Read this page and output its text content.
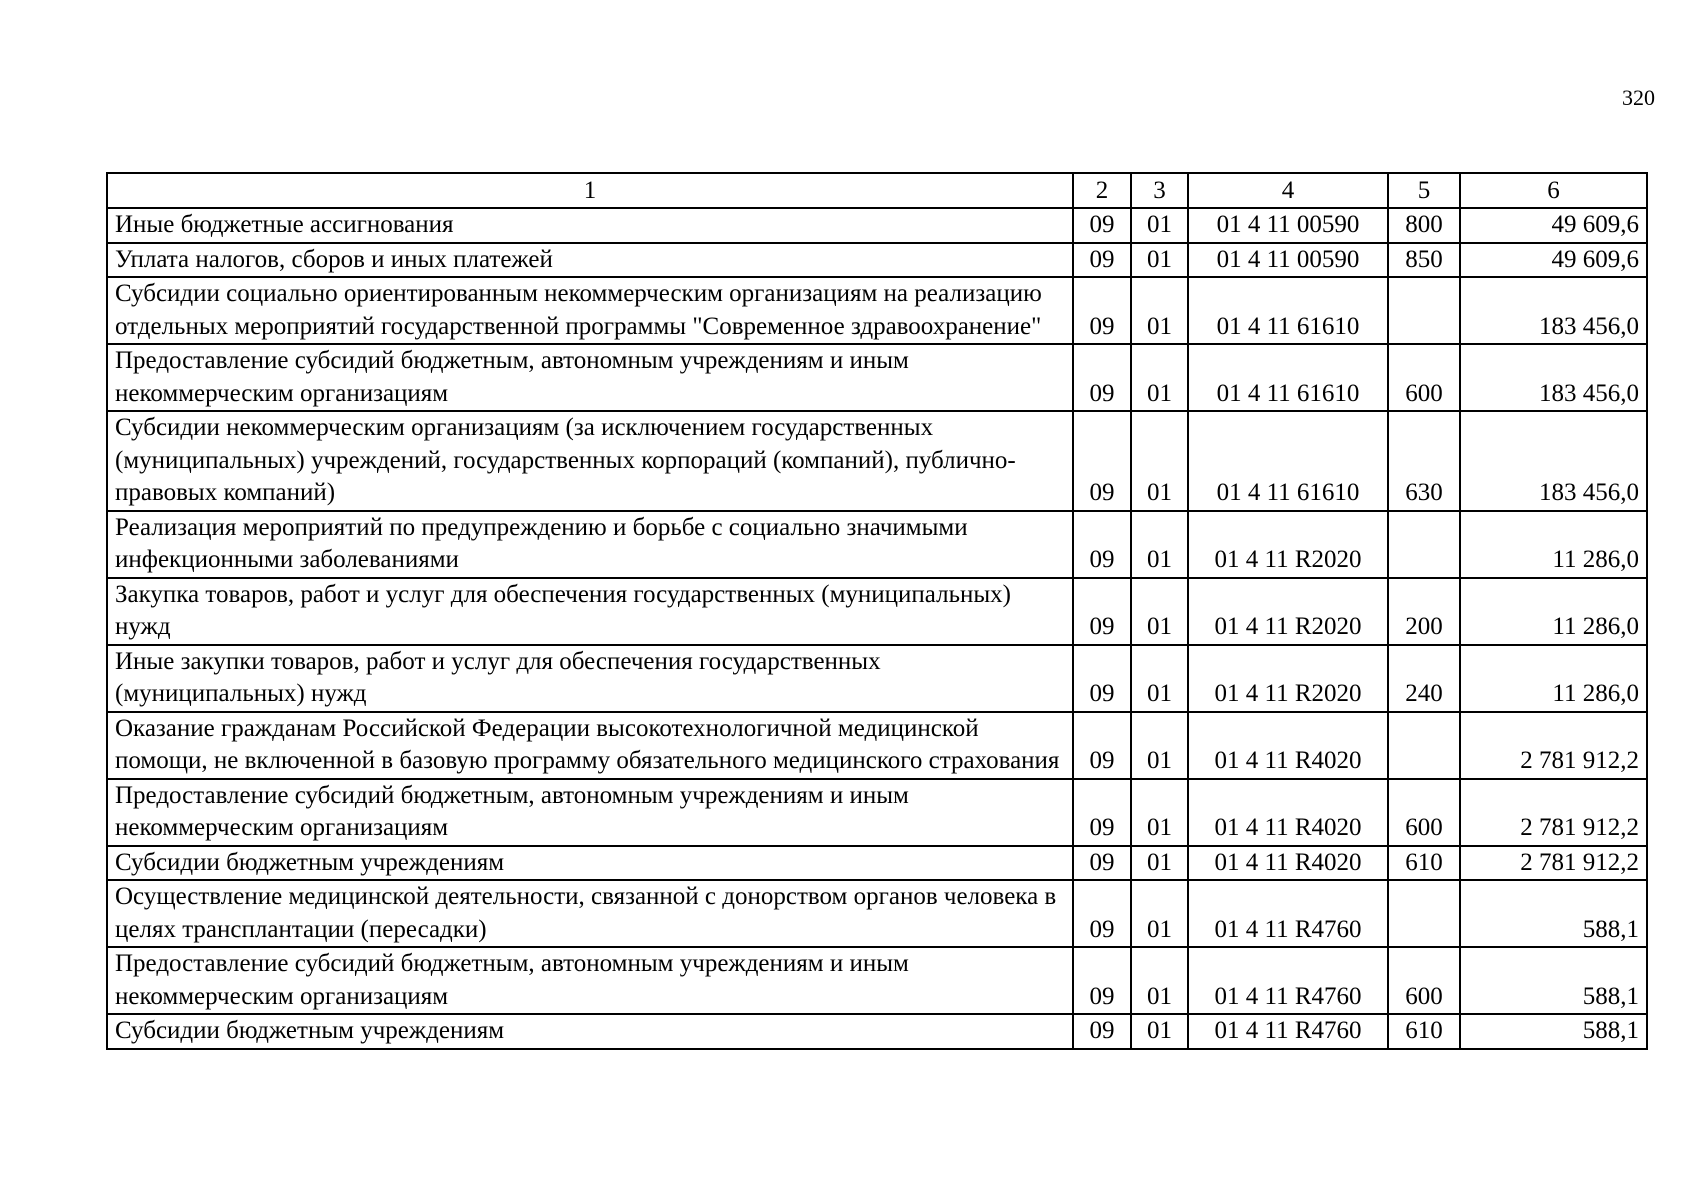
320
1	2	3	4	5	6
Иные бюджетные ассигнования	09	01	01 4 11 00590	800	49 609,6
Уплата налогов, сборов и иных платежей	09	01	01 4 11 00590	850	49 609,6
Субсидии социально ориентированным некоммерческим организациям на реализацию отдельных мероприятий государственной программы "Современное здравоохранение"	09	01	01 4 11 61610		183 456,0
Предоставление субсидий бюджетным, автономным учреждениям и иным некоммерческим организациям	09	01	01 4 11 61610	600	183 456,0
Субсидии некоммерческим организациям (за исключением государственных (муниципальных) учреждений, государственных корпораций (компаний), публично-правовых компаний)	09	01	01 4 11 61610	630	183 456,0
Реализация мероприятий по предупреждению и борьбе с социально значимыми инфекционными заболеваниями	09	01	01 4 11 R2020		11 286,0
Закупка товаров, работ и услуг для обеспечения государственных (муниципальных) нужд	09	01	01 4 11 R2020	200	11 286,0
Иные закупки товаров, работ и услуг для обеспечения государственных (муниципальных) нужд	09	01	01 4 11 R2020	240	11 286,0
Оказание гражданам Российской Федерации высокотехнологичной медицинской помощи, не включенной в базовую программу обязательного медицинского страхования	09	01	01 4 11 R4020		2 781 912,2
Предоставление субсидий бюджетным, автономным учреждениям и иным некоммерческим организациям	09	01	01 4 11 R4020	600	2 781 912,2
Субсидии бюджетным учреждениям	09	01	01 4 11 R4020	610	2 781 912,2
Осуществление медицинской деятельности, связанной с донорством органов человека в целях трансплантации (пересадки)	09	01	01 4 11 R4760		588,1
Предоставление субсидий бюджетным, автономным учреждениям и иным некоммерческим организациям	09	01	01 4 11 R4760	600	588,1
Субсидии бюджетным учреждениям	09	01	01 4 11 R4760	610	588,1
